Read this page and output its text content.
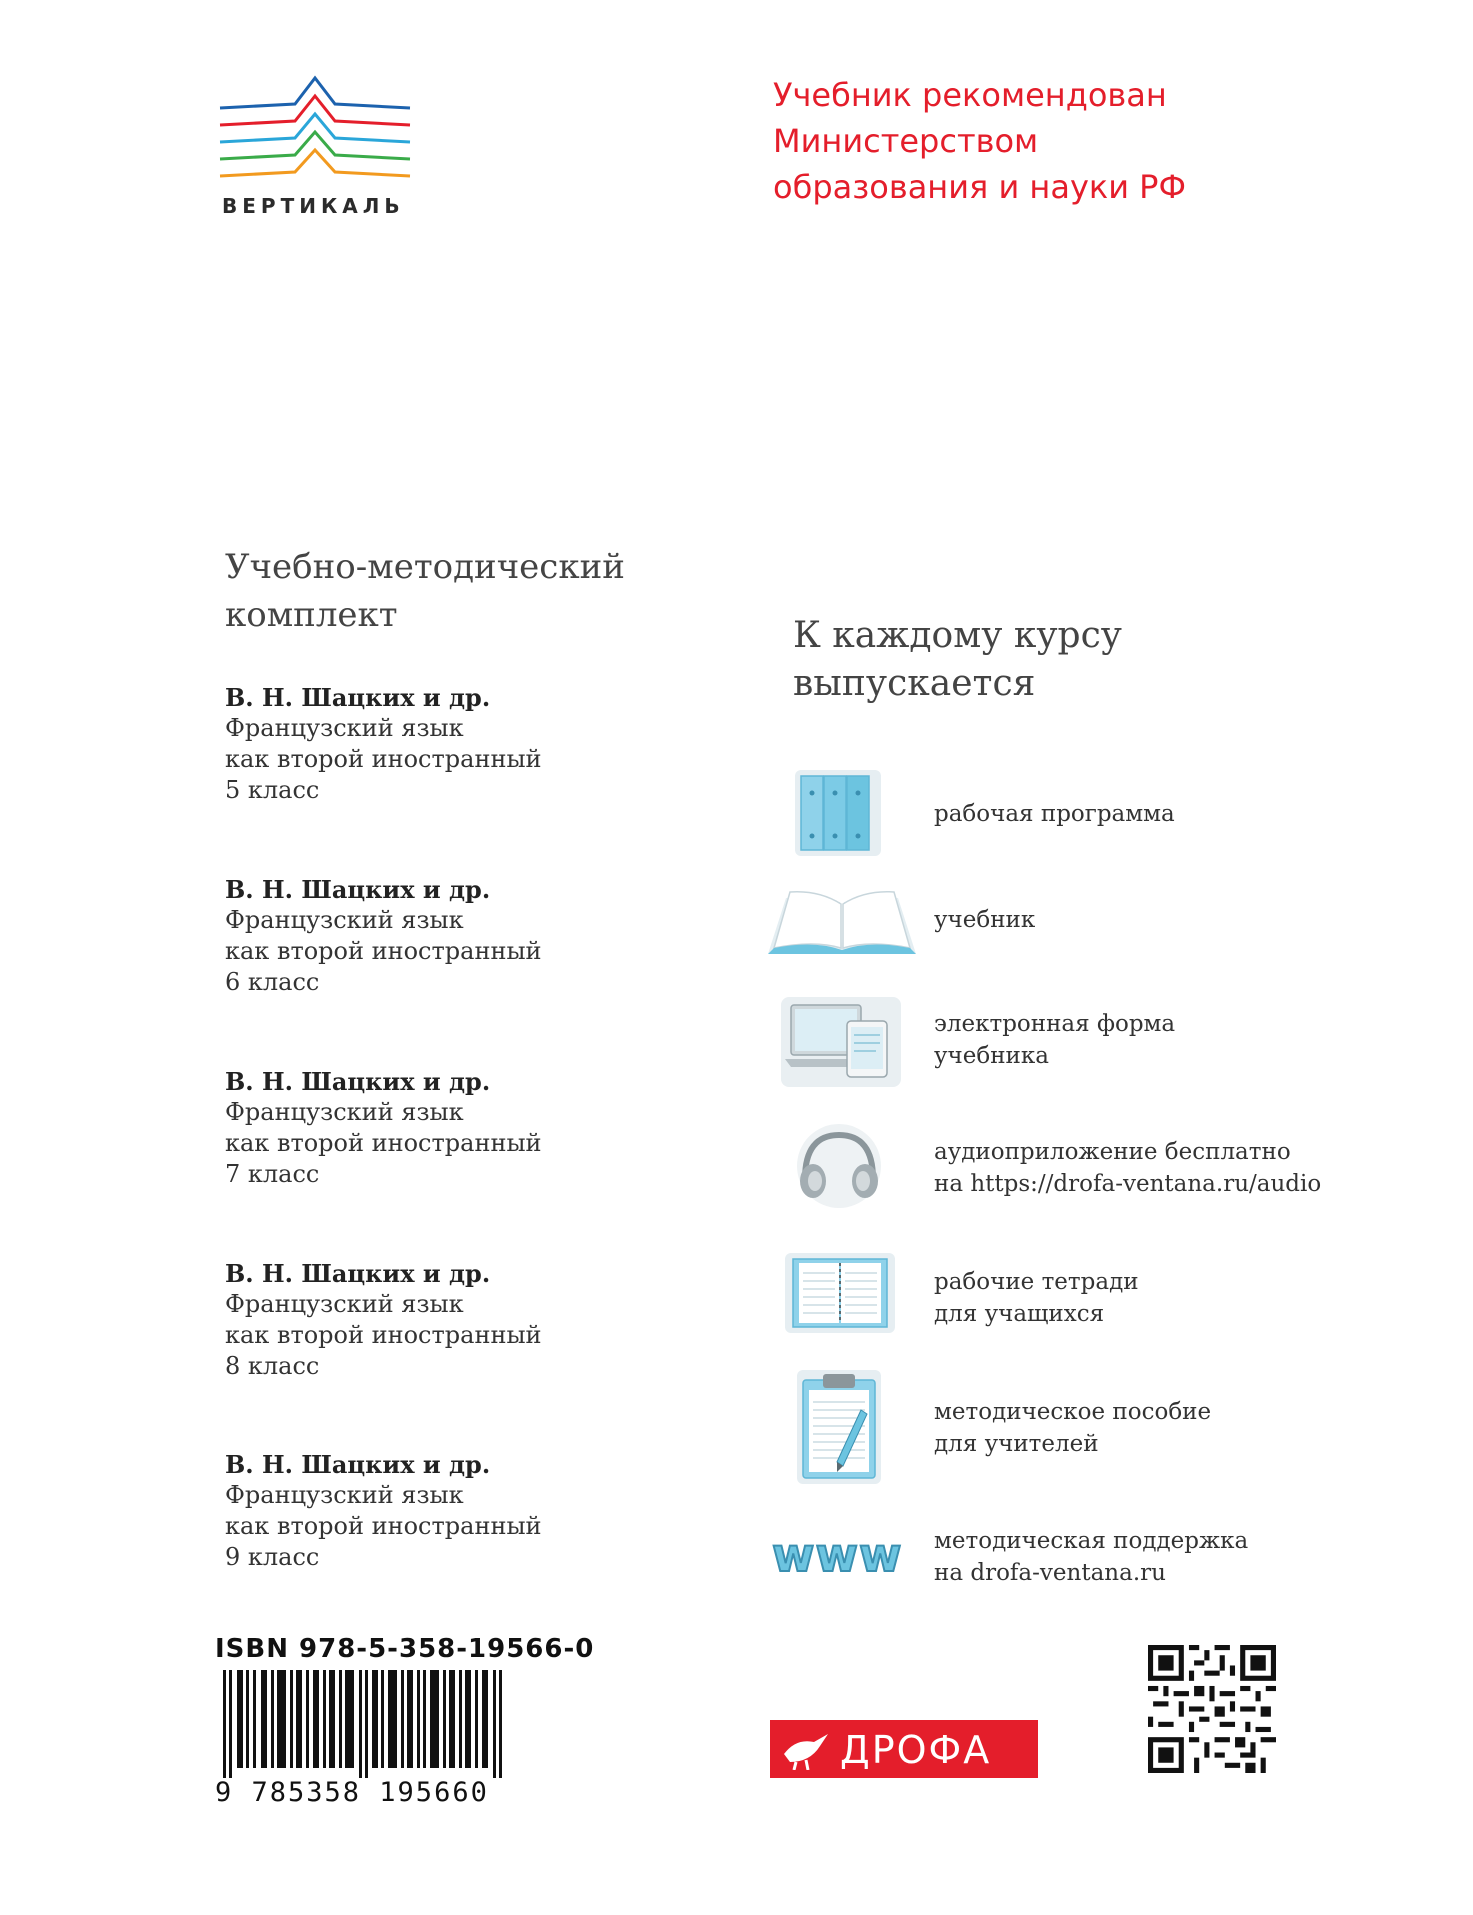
ВЕРТИКАЛЬ
Учебник рекомендован
Министерством
образования и науки РФ
Учебно-методический
комплект
В. Н. Шацких и др.
Французский язык
как второй иностранный
5 класс
В. Н. Шацких и др.
Французский язык
как второй иностранный
6 класс
В. Н. Шацких и др.
Французский язык
как второй иностранный
7 класс
В. Н. Шацких и др.
Французский язык
как второй иностранный
8 класс
В. Н. Шацких и др.
Французский язык
как второй иностранный
9 класс
К каждому курсу
выпускается
рабочая программа
учебник
электронная форма
учебника
аудиоприложение бесплатно
на https://drofa-ventana.ru/audio
рабочие тетради
для учащихся
методическое пособие
для учителей
www методическая поддержка
на drofa-ventana.ru
ISBN 978-5-358-19566-0
9 785358 195660
ДРОФА
